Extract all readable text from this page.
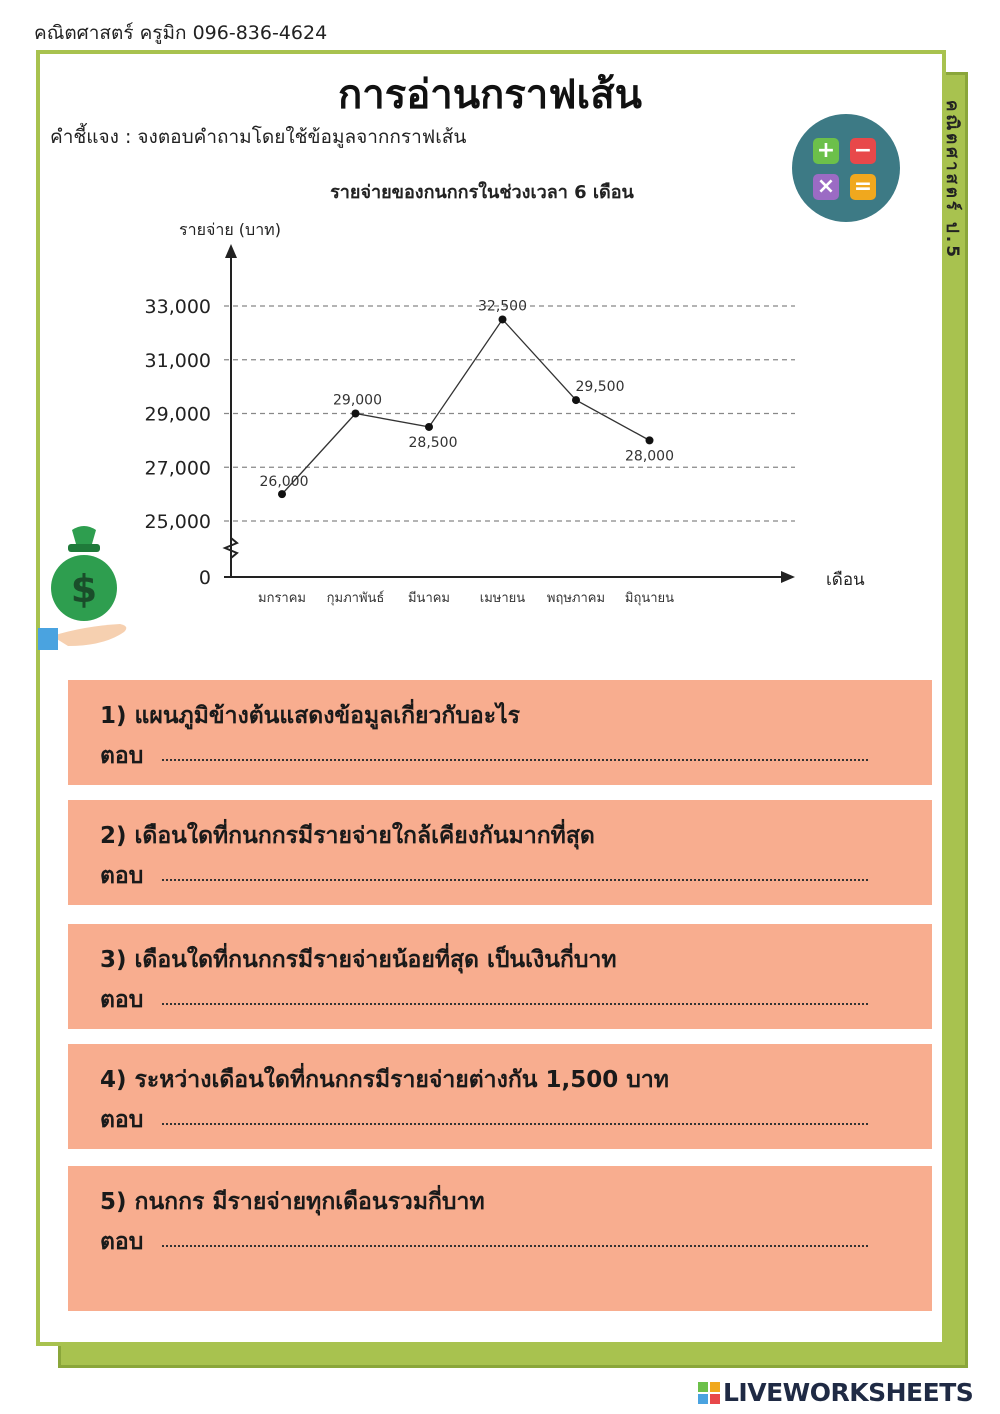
คณิตศาสตร์ ครูมิก 096-836-4624
คณิตศาสตร์ ป.5
การอ่านกราฟเส้น
คำชี้แจง : จงตอบคำถามโดยใช้ข้อมูลจากกราฟเส้น
+ −
× =
รายจ่ายของกนกกรในช่วงเวลา 6 เดือน
รายจ่าย (บาท)
เดือน
25,000
27,000
29,000
31,000
33,000
0
26,000
มกราคม
29,000
กุมภาพันธ์
28,500
มีนาคม
32,500
เมษายน
29,500
พฤษภาคม
28,000
มิถุนายน
$
1) แผนภูมิข้างต้นแสดงข้อมูลเกี่ยวกับอะไร
ตอบ
2) เดือนใดที่กนกกรมีรายจ่ายใกล้เคียงกันมากที่สุด
ตอบ
3) เดือนใดที่กนกกรมีรายจ่ายน้อยที่สุด เป็นเงินกี่บาท
ตอบ
4) ระหว่างเดือนใดที่กนกกรมีรายจ่ายต่างกัน 1,500 บาท
ตอบ
5) กนกกร มีรายจ่ายทุกเดือนรวมกี่บาท
ตอบ
LIVEWORKSHEETS
